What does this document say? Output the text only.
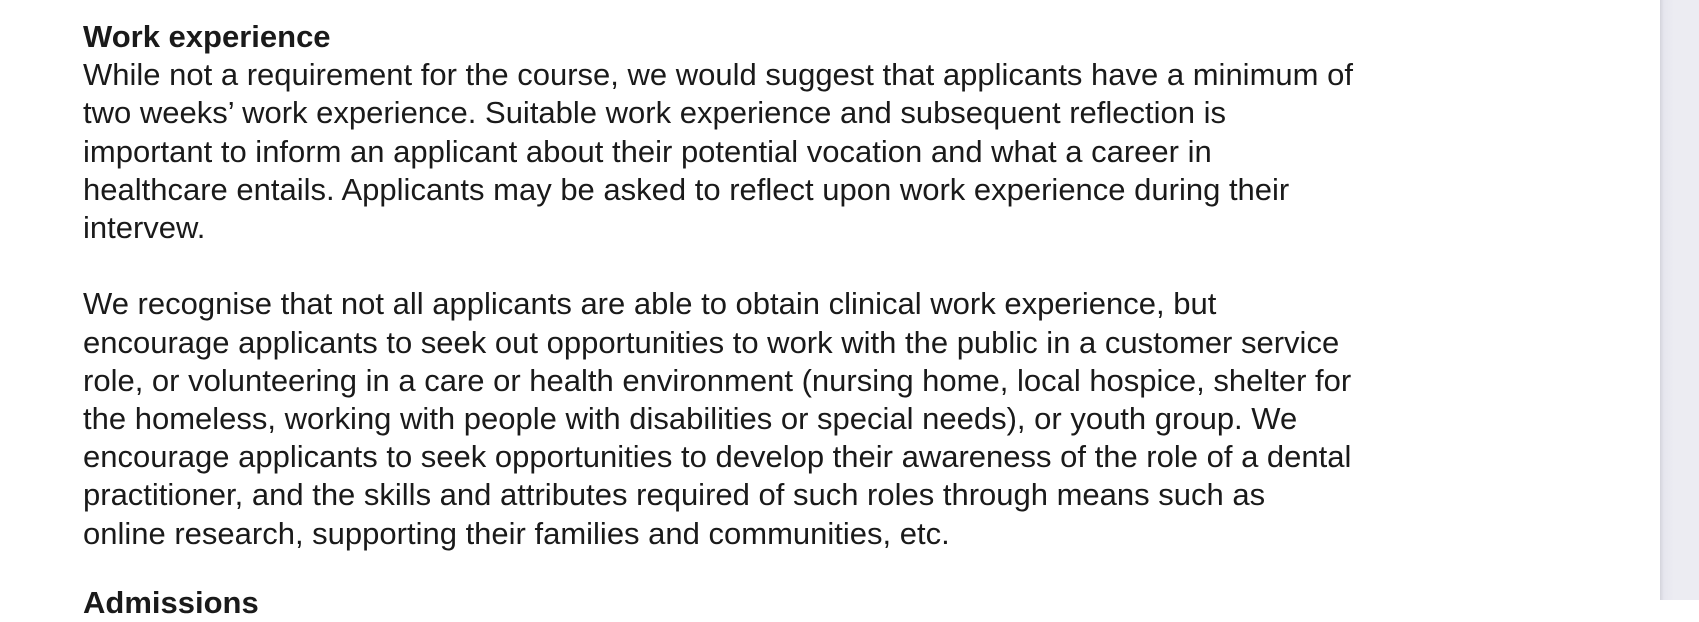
Work experience

While not a requirement for the course, we would suggest that applicants have a minimum of

two weeks’ work experience. Suitable work experience and subsequent reflection is

important to inform an applicant about their potential vocation and what a career in

healthcare entails. Applicants may be asked to reflect upon work experience during their

intervew.

We recognise that not all applicants are able to obtain clinical work experience, but

encourage applicants to seek out opportunities to work with the public in a customer service

role, or volunteering in a care or health environment (nursing home, local hospice, shelter for

the homeless, working with people with disabilities or special needs), or youth group. We

encourage applicants to seek opportunities to develop their awareness of the role of a dental

practitioner, and the skills and attributes required of such roles through means such as

online research, supporting their families and communities, etc.

Admissions
